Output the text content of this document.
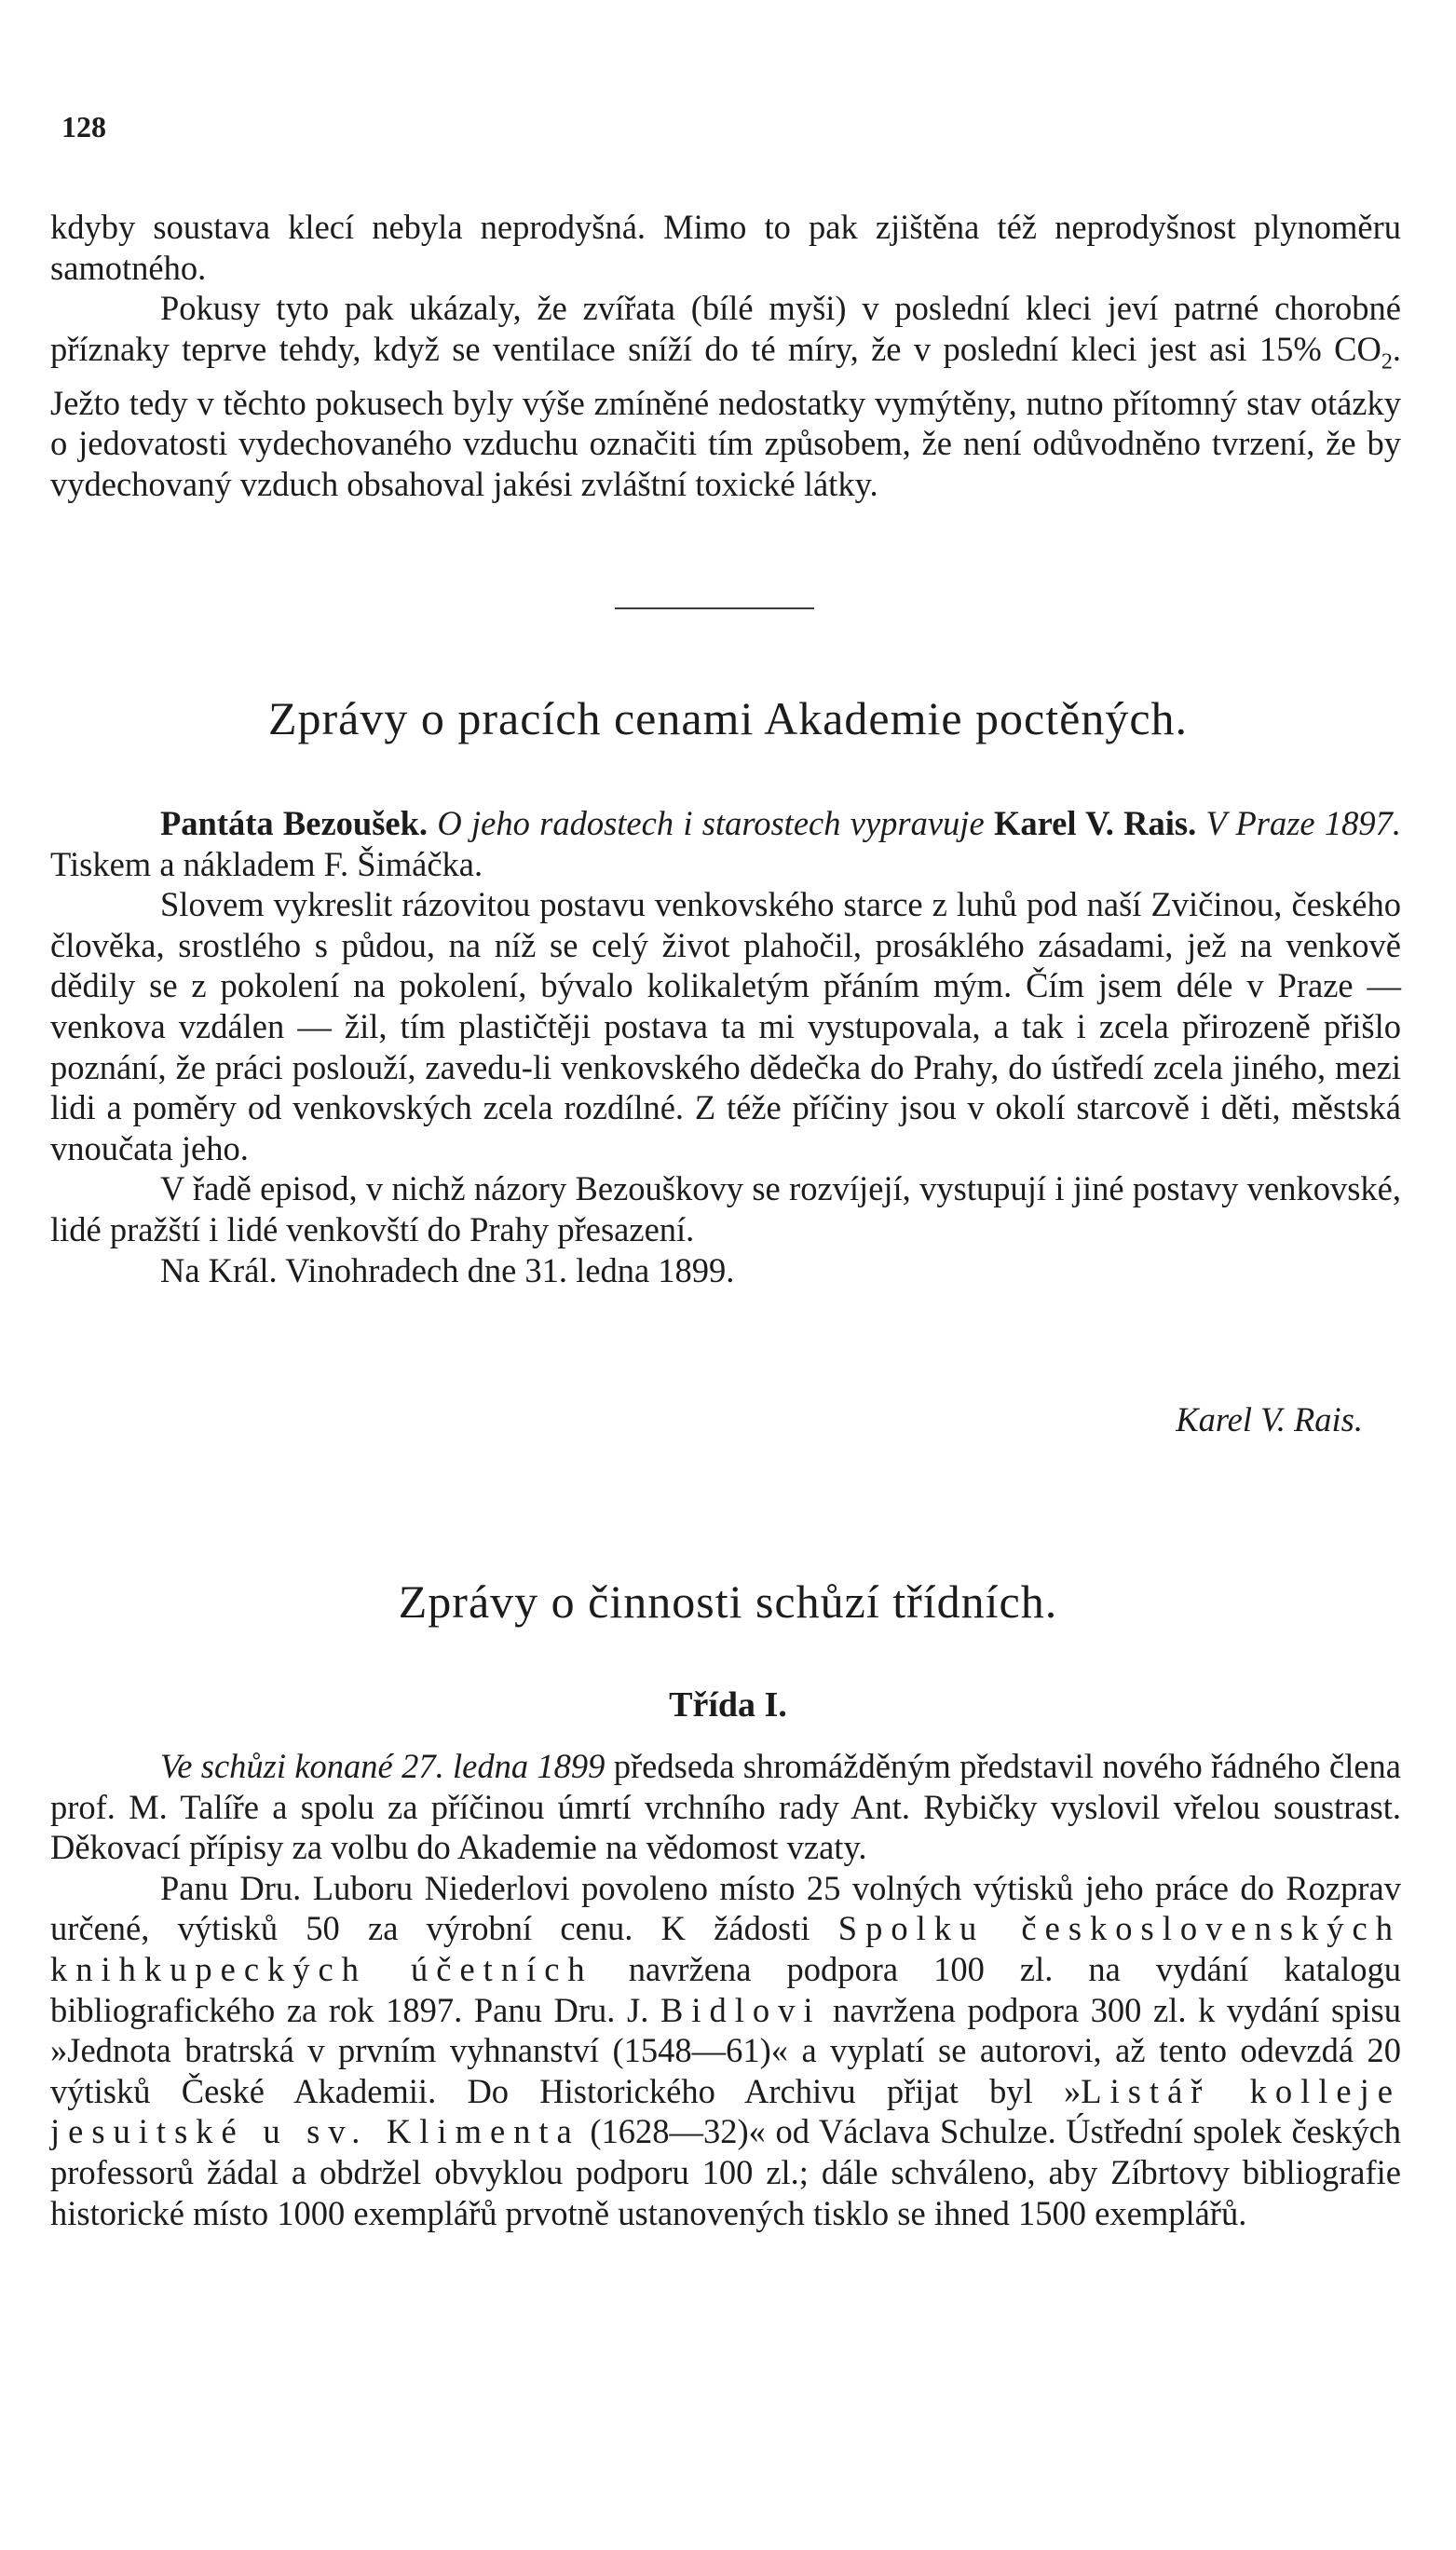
128

kdyby soustava klecí nebyla neprodyšná. Mimo to pak zjištěna též neprodyšnost plynoměru samotného.

Pokusy tyto pak ukázaly, že zvířata (bílé myši) v poslední kleci jeví patrné chorobné příznaky teprve tehdy, když se ventilace sníží do té míry, že v poslední kleci jest asi 15% $CO_2$. Ježto tedy v těchto pokusech byly výše zmíněné nedostatky vymýtěny, nutno přítomný stav otázky o jedovatosti vydechovaného vzduchu označiti tím způsobem, že není odůvodněno tvrzení, že by vydechovaný vzduch obsahoval jakési zvláštní toxické látky.

Zprávy o pracích cenami Akademie poctěných.

Pantáta Bezoušek. O jeho radostech i starostech vypravuje Karel V. Rais. V Praze 1897. Tiskem a nákladem F. Šimáčka.

Slovem vykreslit rázovitou postavu venkovského starce z luhů pod naší Zvičinou, českého člověka, srostlého s půdou, na níž se celý život plahočil, prosáklého zásadami, jež na venkově dědily se z pokolení na pokolení, bývalo kolikaletým přáním mým. Čím jsem déle v Praze — venkova vzdálen — žil, tím plastičtěji postava ta mi vystupovala, a tak i zcela přirozeně přišlo poznání, že práci poslouží, zavedu-li venkovského dědečka do Prahy, do ústředí zcela jiného, mezi lidi a poměry od venkovských zcela rozdílné. Z téže příčiny jsou v okolí starcově i děti, městská vnoučata jeho.

V řadě episod, v nichž názory Bezouškovy se rozvíjejí, vystupují i jiné postavy venkovské, lidé pražští i lidé venkovští do Prahy přesazení.

Na Král. Vinohradech dne 31. ledna 1899.

Karel V. Rais.
Zprávy o činnosti schůzí třídních.
Třída I.

Ve schůzi konané 27. ledna 1899 předseda shromážděným představil nového řádného člena prof. M. Talíře a spolu za příčinou úmrtí vrchního rady Ant. Rybičky vyslovil vřelou soustrast. Děkovací přípisy za volbu do Akademie na vědomost vzaty.

Panu Dru. Luboru Niederlovi povoleno místo 25 volných výtisků jeho práce do Rozprav určené, výtisků 50 za výrobní cenu. K žádosti Spolku československých knihkupeckých účetních navržena podpora 100 zl. na vydání katalogu bibliografického za rok 1897. Panu Dru. J. Bidlovi navržena podpora 300 zl. k vydání spisu »Jednota bratrská v prvním vyhnanství (1548—61)« a vyplatí se autorovi, až tento odevzdá 20 výtisků České Akademii. Do Historického Archivu přijat byl »Listář kolleje jesuitské u sv. Klimenta (1628—32)« od Václava Schulze. Ústřední spolek českých professorů žádal a obdržel obvyklou podporu 100 zl.; dále schváleno, aby Zíbrtovy bibliografie historické místo 1000 exemplářů prvotně ustanovených tisklo se ihned 1500 exemplářů.
